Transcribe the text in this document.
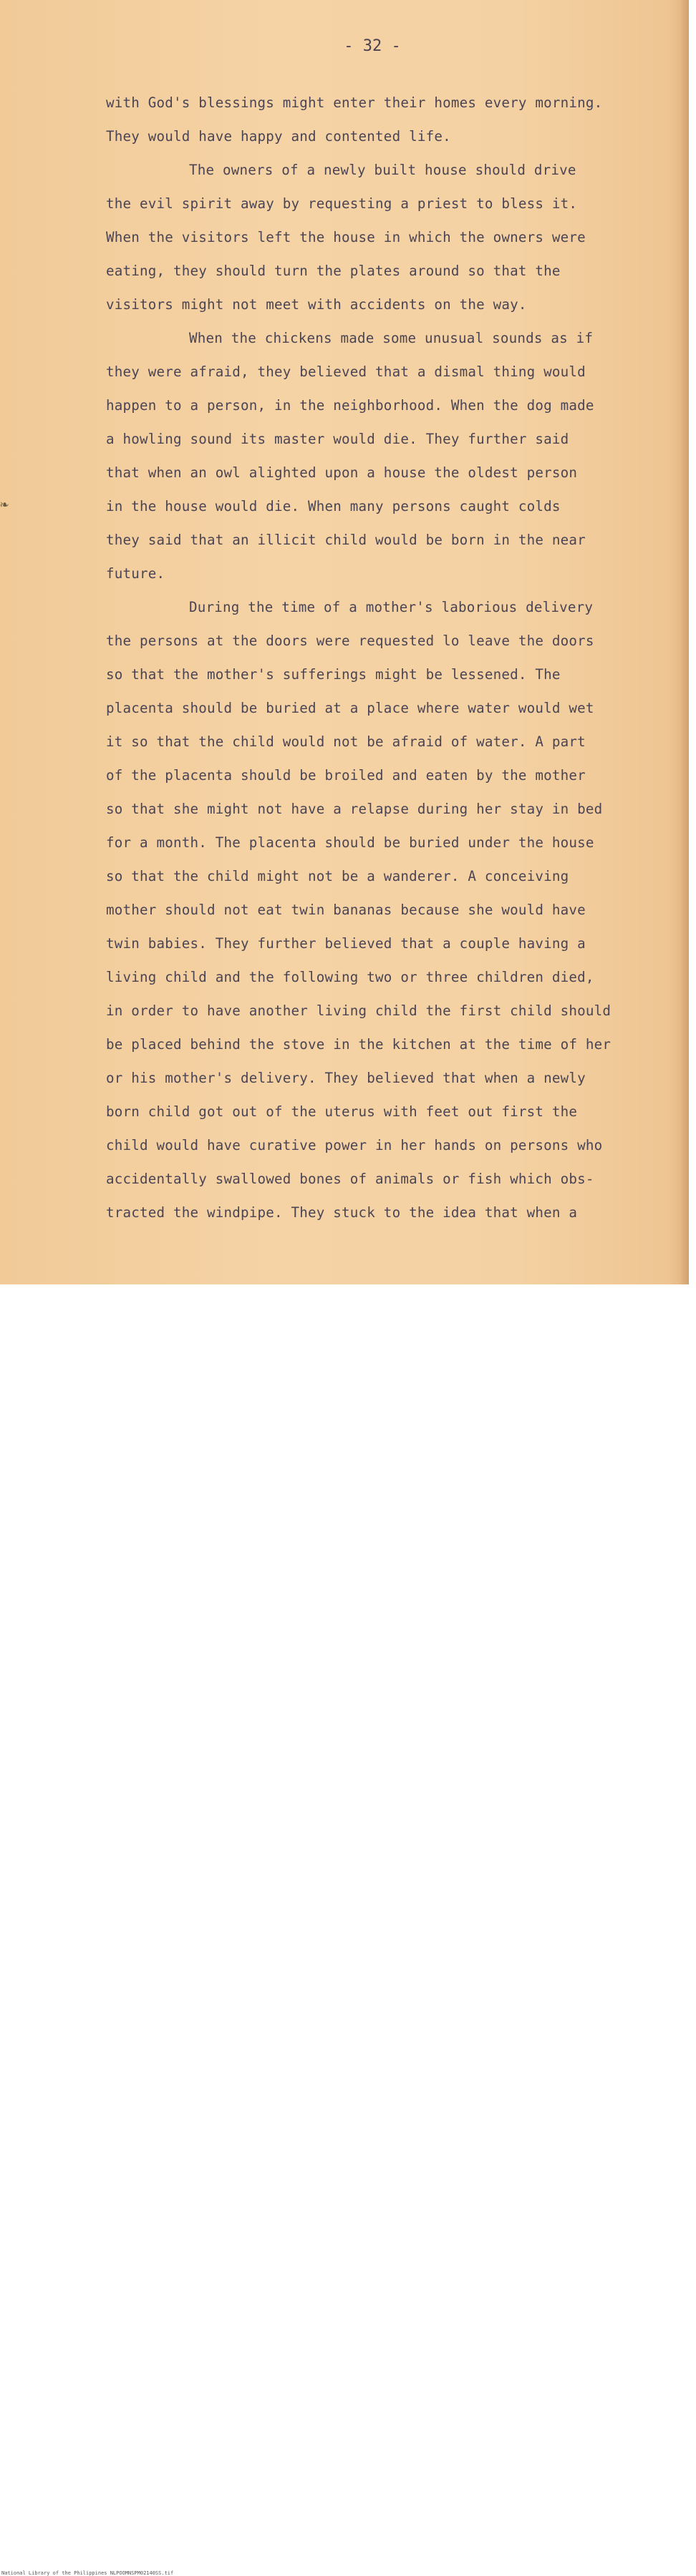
❧

- 32 -

with God's blessings might enter their homes every morning.
They would have happy and contented life.

The owners of a newly built house should drive
the evil spirit away by requesting a priest to bless it.
When the visitors left the house in which the owners were
eating, they should turn the plates around so that the
visitors might not meet with accidents on the way.

When the chickens made some unusual sounds as if
they were afraid, they believed that a dismal thing would
happen to a person, in the neighborhood. When the dog made
a howling sound its master would die. They further said
that when an owl alighted upon a house the oldest person
in the house would die. When many persons caught colds
they said that an illicit child would be born in the near
future.

During the time of a mother's laborious delivery
the persons at the doors were requested lo leave the doors
so that the mother's sufferings might be lessened. The
placenta should be buried at a place where water would wet
it so that the child would not be afraid of water. A part
of the placenta should be broiled and eaten by the mother
so that she might not have a relapse during her stay in bed
for a month. The placenta should be buried under the house
so that the child might not be a wanderer. A conceiving
mother should not eat twin bananas because she would have
twin babies. They further believed that a couple having a
living child and the following two or three children died,
in order to have another living child the first child should
be placed behind the stove in the kitchen at the time of her
or his mother's delivery. They believed that when a newly
born child got out of the uterus with feet out first the
child would have curative power in her hands on persons who
accidentally swallowed bones of animals or fish which obs-
tracted the windpipe. They stuck to the idea that when a

National Library of the Philippines NLPOOMNSPM02140SS.tif
